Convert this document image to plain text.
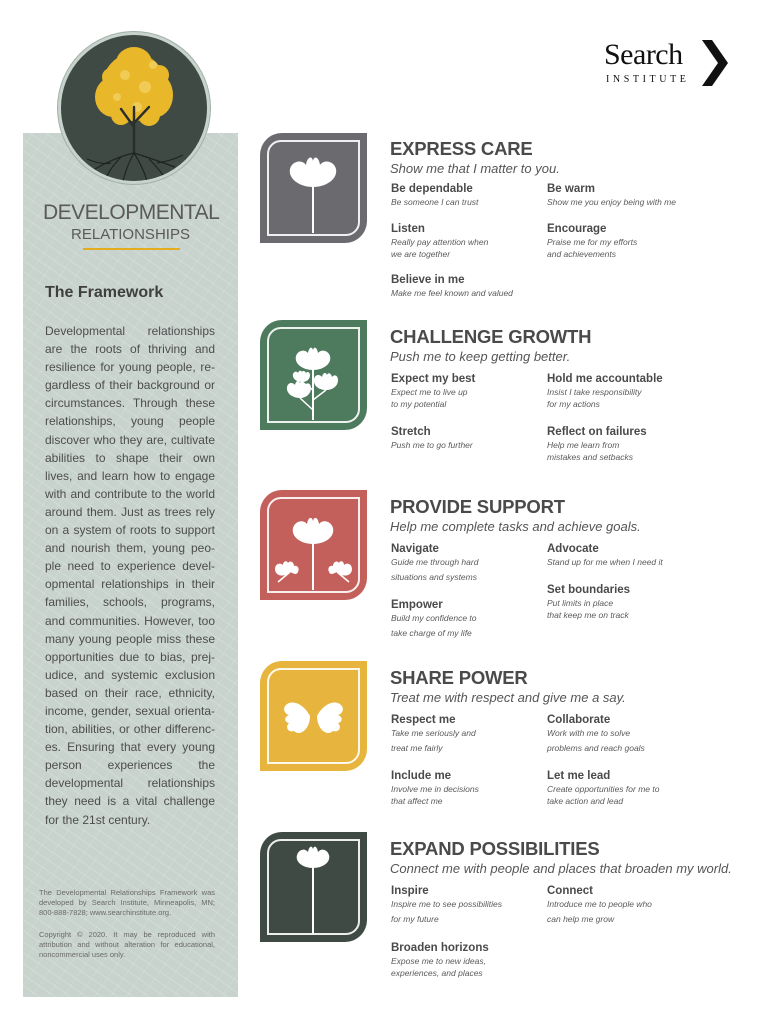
Search
INSTITUTE
DEVELOPMENTAL
RELATIONSHIPS
The Framework
Developmental relationships are the roots of thriving and resilience for young people, regardless of their background or circumstances. Through these relationships, young people discover who they are, cultivate abilities to shape their own lives, and learn how to engage with and contribute to the world around them. Just as trees rely on a system of roots to support and nourish them, young people need to experience developmental relationships in their families, schools, programs, and communities. However, too many young people miss these opportunities due to bias, prejudice, and systemic exclusion based on their race, ethnicity, income, gender, sexual orientation, abilities, or other differences. Ensuring that every young person experiences the developmental relationships they need is a vital challenge for the 21st century.
The Developmental Relationships Framework was developed by Search Institute, Minneapolis, MN; 800-888-7828; www.searchinstitute.org.
Copyright © 2020. It may be reproduced with attribution and without alteration for educational, noncommercial uses only.
EXPRESS CARE
Show me that I matter to you.
Be dependable
Be someone I can trust
Be warm
Show me you enjoy being with me
Listen
Really pay attention when
we are together
Encourage
Praise me for my efforts
and achievements
Believe in me
Make me feel known and valued
CHALLENGE GROWTH
Push me to keep getting better.
Expect my best
Expect me to live up
to my potential
Hold me accountable
Insist I take responsibility
for my actions
Stretch
Push me to go further
Reflect on failures
Help me learn from
mistakes and setbacks
PROVIDE SUPPORT
Help me complete tasks and achieve goals.
Navigate
Guide me through hard
situations and systems
Advocate
Stand up for me when I need it
Set boundaries
Put limits in place
that keep me on track
Empower
Build my confidence to
take charge of my life
SHARE POWER
Treat me with respect and give me a say.
Respect me
Take me seriously and
treat me fairly
Collaborate
Work with me to solve
problems and reach goals
Include me
Involve me in decisions
that affect me
Let me lead
Create opportunities for me to
take action and lead
EXPAND POSSIBILITIES
Connect me with people and places that broaden my world.
Inspire
Inspire me to see possibilities
for my future
Connect
Introduce me to people who
can help me grow
Broaden horizons
Expose me to new ideas,
experiences, and places
